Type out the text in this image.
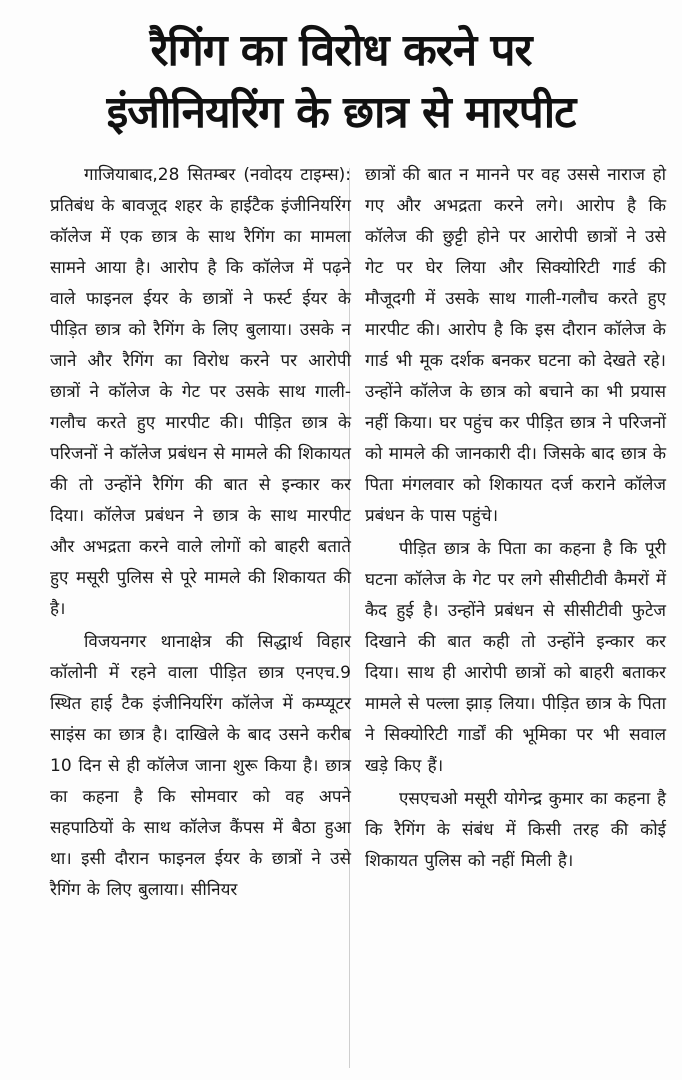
रैगिंग का विरोध करने पर
इंजीनियरिंग के छात्र से मारपीट

गाजियाबाद,28 सितम्बर (नवोदय टाइम्स): प्रतिबंध के बावजूद शहर के हाईटैक इंजीनियरिंग कॉलेज में एक छात्र के साथ रैगिंग का मामला सामने आया है। आरोप है कि कॉलेज में पढ़ने वाले फाइनल ईयर के छात्रों ने फर्स्ट ईयर के पीड़ित छात्र को रैगिंग के लिए बुलाया। उसके न जाने और रैगिंग का विरोध करने पर आरोपी छात्रों ने कॉलेज के गेट पर उसके साथ गाली-गलौच करते हुए मारपीट की। पीड़ित छात्र के परिजनों ने कॉलेज प्रबंधन से मामले की शिकायत की तो उन्होंने रैगिंग की बात से इन्कार कर दिया। कॉलेज प्रबंधन ने छात्र के साथ मारपीट और अभद्रता करने वाले लोगों को बाहरी बताते हुए मसूरी पुलिस से पूरे मामले की शिकायत की है।

विजयनगर थानाक्षेत्र की सिद्धार्थ विहार कॉलोनी में रहने वाला पीड़ित छात्र एनएच.9 स्थित हाई टैक इंजीनियरिंग कॉलेज में कम्प्यूटर साइंस का छात्र है। दाखिले के बाद उसने करीब 10 दिन से ही कॉलेज जाना शुरू किया है। छात्र का कहना है कि सोमवार को वह अपने सहपाठियों के साथ कॉलेज कैंपस में बैठा हुआ था। इसी दौरान फाइनल ईयर के छात्रों ने उसे रैगिंग के लिए बुलाया। सीनियर

छात्रों की बात न मानने पर वह उससे नाराज हो गए और अभद्रता करने लगे। आरोप है कि कॉलेज की छुट्टी होने पर आरोपी छात्रों ने उसे गेट पर घेर लिया और सिक्योरिटी गार्ड की मौजूदगी में उसके साथ गाली-गलौच करते हुए मारपीट की। आरोप है कि इस दौरान कॉलेज के गार्ड भी मूक दर्शक बनकर घटना को देखते रहे। उन्होंने कॉलेज के छात्र को बचाने का भी प्रयास नहीं किया। घर पहुंच कर पीड़ित छात्र ने परिजनों को मामले की जानकारी दी। जिसके बाद छात्र के पिता मंगलवार को शिकायत दर्ज कराने कॉलेज प्रबंधन के पास पहुंचे।

पीड़ित छात्र के पिता का कहना है कि पूरी घटना कॉलेज के गेट पर लगे सीसीटीवी कैमरों में कैद हुई है। उन्होंने प्रबंधन से सीसीटीवी फुटेज दिखाने की बात कही तो उन्होंने इन्कार कर दिया। साथ ही आरोपी छात्रों को बाहरी बताकर मामले से पल्ला झाड़ लिया। पीड़ित छात्र के पिता ने सिक्योरिटी गार्डों की भूमिका पर भी सवाल खड़े किए हैं।

एसएचओ मसूरी योगेन्द्र कुमार का कहना है कि रैगिंग के संबंध में किसी तरह की कोई शिकायत पुलिस को नहीं मिली है।
